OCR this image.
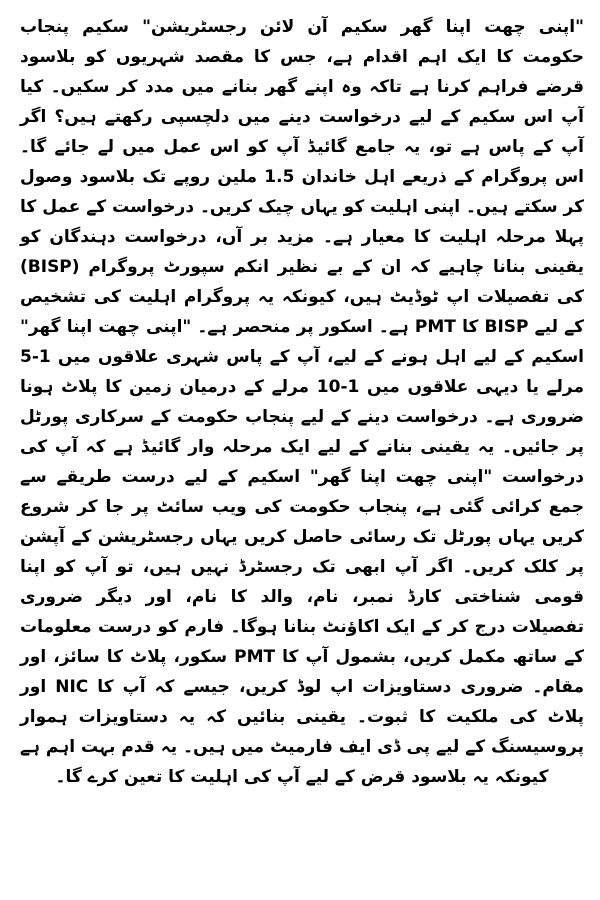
"اپنی چھت اپنا گھر سکیم آن لائن رجسٹریشن" سکیم پنجاب حکومت کا ایک اہم اقدام ہے، جس کا مقصد شہریوں کو بلاسود قرضے فراہم کرنا ہے تاکہ وہ اپنے گھر بنانے میں مدد کر سکیں۔ کیا آپ اس سکیم کے لیے درخواست دینے میں دلچسپی رکھتے ہیں؟ اگر آپ کے پاس ہے تو، یہ جامع گائیڈ آپ کو اس عمل میں لے جائے گا۔ اس پروگرام کے ذریعے اہل خاندان 1.5 ملین روپے تک بلاسود وصول کر سکتے ہیں۔ اپنی اہلیت کو یہاں چیک کریں۔ درخواست کے عمل کا پہلا مرحلہ اہلیت کا معیار ہے۔ مزید بر آں، درخواست دہندگان کو یقینی بنانا چاہیے کہ ان کے بے نظیر انکم سپورٹ پروگرام (BISP) کی تفصیلات اپ ٹوڈیٹ ہیں، کیونکہ یہ پروگرام اہلیت کی تشخیص کے لیے BISP کا PMT ہے۔ اسکور پر منحصر ہے۔ "اپنی چھت اپنا گھر" اسکیم کے لیے اہل ہونے کے لیے، آپ کے پاس شہری علاقوں میں 1-5 مرلے یا دیہی علاقوں میں 1-10 مرلے کے درمیان زمین کا پلاٹ ہونا ضروری ہے۔ درخواست دینے کے لیے پنجاب حکومت کے سرکاری پورٹل پر جائیں۔ یہ یقینی بنانے کے لیے ایک مرحلہ وار گائیڈ ہے کہ آپ کی درخواست "اپنی چھت اپنا گھر" اسکیم کے لیے درست طریقے سے جمع کرائی گئی ہے، پنجاب حکومت کی ویب سائٹ پر جا کر شروع کریں یہاں پورٹل تک رسائی حاصل کریں یہاں رجسٹریشن کے آپشن پر کلک کریں۔ اگر آپ ابھی تک رجسٹرڈ نہیں ہیں، تو آپ کو اپنا قومی شناختی کارڈ نمبر، نام، والد کا نام، اور دیگر ضروری تفصیلات درج کر کے ایک اکاؤنٹ بنانا ہوگا۔ فارم کو درست معلومات کے ساتھ مکمل کریں، بشمول آپ کا PMT سکور، پلاٹ کا سائز، اور مقام۔ ضروری دستاویزات اپ لوڈ کریں، جیسے کہ آپ کا NIC اور پلاٹ کی ملکیت کا ثبوت۔ یقینی بنائیں کہ یہ دستاویزات ہموار پروسیسنگ کے لیے پی ڈی ایف فارمیٹ میں ہیں۔ یہ قدم بہت اہم ہے کیونکہ یہ بلاسود قرض کے لیے آپ کی اہلیت کا تعین کرے گا۔
